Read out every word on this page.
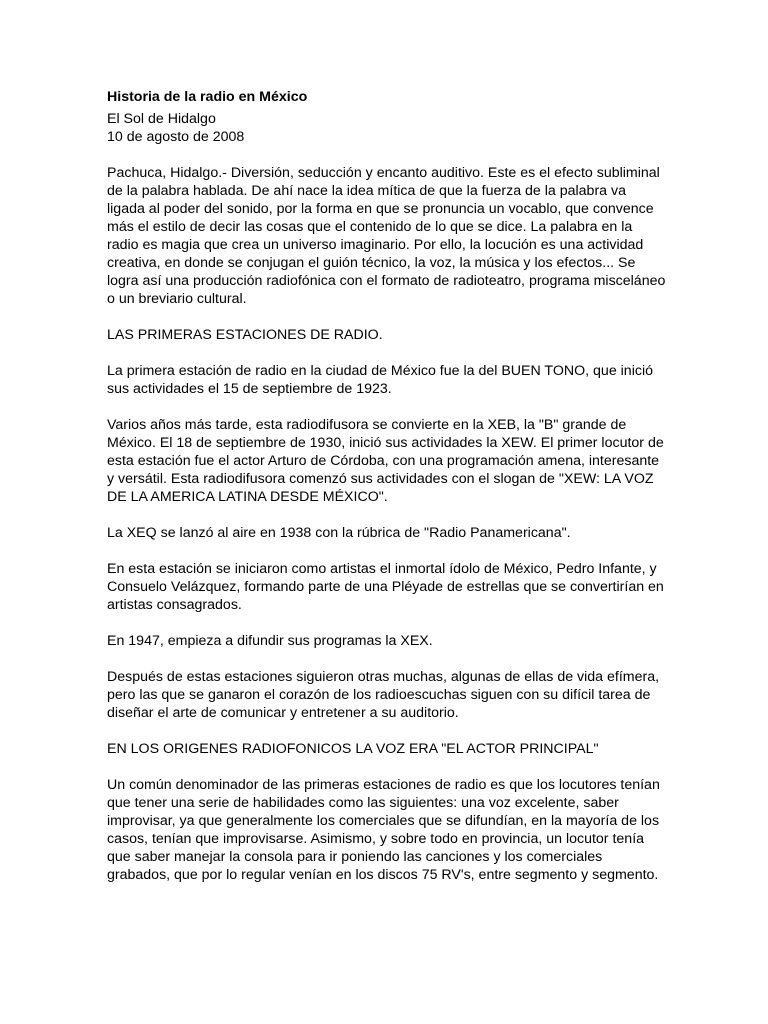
Historia de la radio en México

El Sol de Hidalgo

10 de agosto de 2008

Pachuca, Hidalgo.- Diversión, seducción y encanto auditivo. Este es el efecto subliminal de la palabra hablada. De ahí nace la idea mítica de que la fuerza de la palabra va ligada al poder del sonido, por la forma en que se pronuncia un vocablo, que convence más el estilo de decir las cosas que el contenido de lo que se dice. La palabra en la radio es magia que crea un universo imaginario. Por ello, la locución es una actividad creativa, en donde se conjugan el guión técnico, la voz, la música y los efectos... Se logra así una producción radiofónica con el formato de radioteatro, programa misceláneo o un breviario cultural.

LAS PRIMERAS ESTACIONES DE RADIO.

La primera estación de radio en la ciudad de México fue la del BUEN TONO, que inició sus actividades el 15 de septiembre de 1923.

Varios años más tarde, esta radiodifusora se convierte en la XEB, la "B" grande de México. El 18 de septiembre de 1930, inició sus actividades la XEW. El primer locutor de esta estación fue el actor Arturo de Córdoba, con una programación amena, interesante y versátil. Esta radiodifusora comenzó sus actividades con el slogan de "XEW: LA VOZ DE LA AMERICA LATINA DESDE MÉXICO".

La XEQ se lanzó al aire en 1938 con la rúbrica de "Radio Panamericana".

En esta estación se iniciaron como artistas el inmortal ídolo de México, Pedro Infante, y Consuelo Velázquez, formando parte de una Pléyade de estrellas que se convertirían en artistas consagrados.

En 1947, empieza a difundir sus programas la XEX.

Después de estas estaciones siguieron otras muchas, algunas de ellas de vida efímera, pero las que se ganaron el corazón de los radioescuchas siguen con su difícil tarea de diseñar el arte de comunicar y entretener a su auditorio.

EN LOS ORIGENES RADIOFONICOS LA VOZ ERA "EL ACTOR PRINCIPAL"

Un común denominador de las primeras estaciones de radio es que los locutores tenían que tener una serie de habilidades como las siguientes: una voz excelente, saber improvisar, ya que generalmente los comerciales que se difundían, en la mayoría de los casos, tenían que improvisarse. Asimismo, y sobre todo en provincia, un locutor tenía que saber manejar la consola para ir poniendo las canciones y los comerciales grabados, que por lo regular venían en los discos 75 RV's, entre segmento y segmento.
